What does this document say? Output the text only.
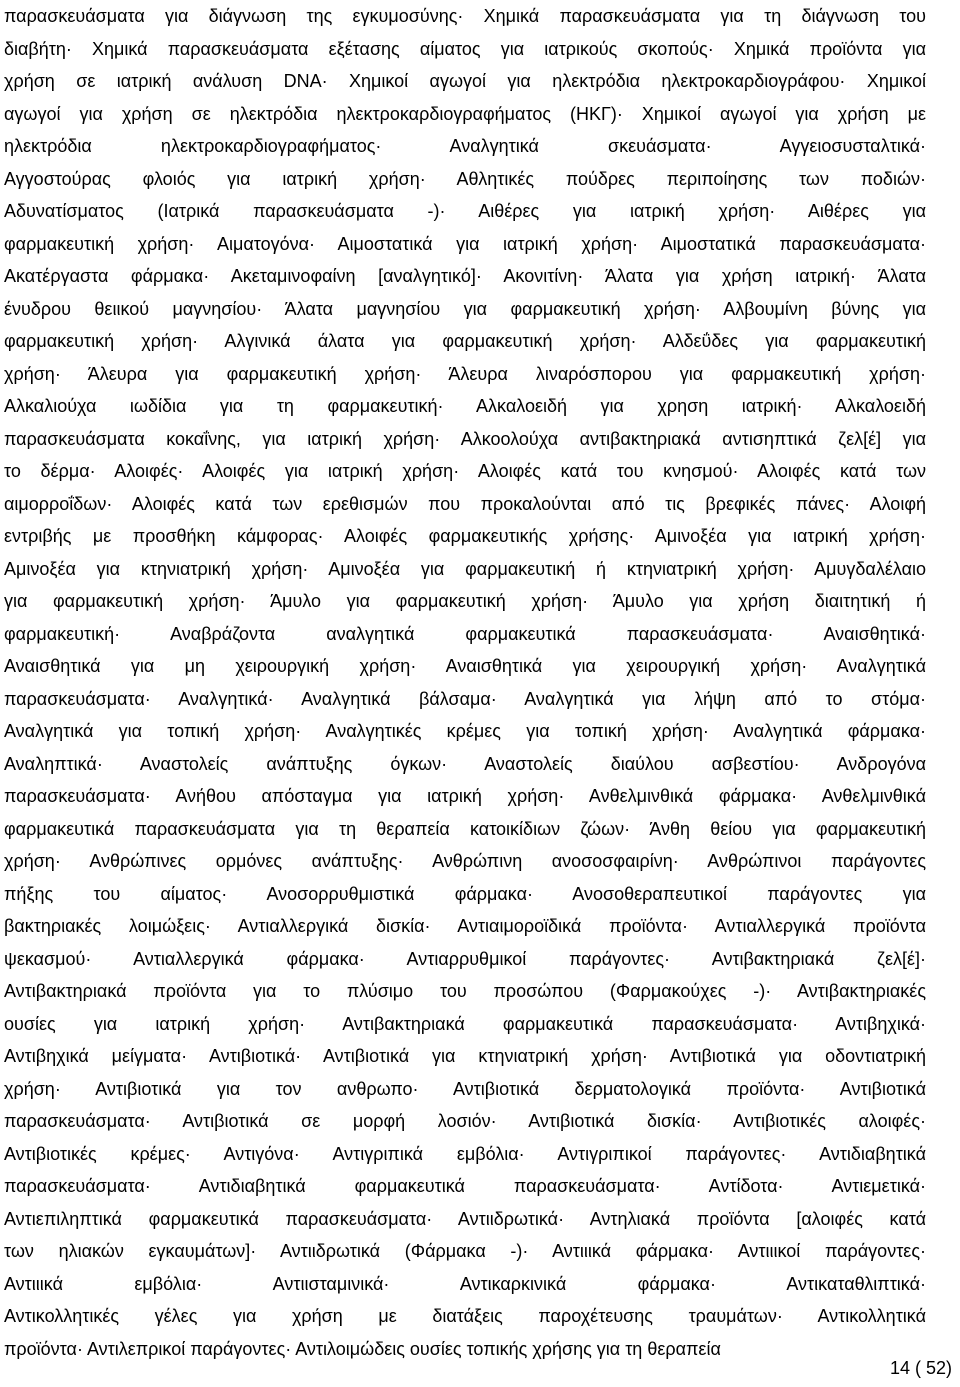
παρασκευάσματα για διάγνωση της εγκυμοσύνης· Χημικά παρασκευάσματα για τη διάγνωση του
διαβήτη· Χημικά παρασκευάσματα εξέτασης αίματος για ιατρικούς σκοπούς· Χημικά προϊόντα για
χρήση σε ιατρική ανάλυση DNA· Χημικοί αγωγοί για ηλεκτρόδια ηλεκτροκαρδιογράφου· Χημικοί
αγωγοί για χρήση σε ηλεκτρόδια ηλεκτροκαρδιογραφήματος (ΗΚΓ)· Χημικοί αγωγοί για χρήση με
ηλεκτρόδια ηλεκτροκαρδιογραφήματος· Αναλγητικά σκευάσματα· Αγγειοσυσταλτικά·
Αγγοστούρας φλοιός για ιατρική χρήση· Αθλητικές πούδρες περιποίησης των ποδιών·
Αδυνατίσματος (Ιατρικά παρασκευάσματα -)· Αιθέρες για ιατρική χρήση· Αιθέρες για
φαρμακευτική χρήση· Αιματογόνα· Αιμοστατικά για ιατρική χρήση· Αιμοστατικά παρασκευάσματα·
Ακατέργαστα φάρμακα· Ακεταμινοφαίνη [αναλγητικό]· Ακονιτίνη· Άλατα για χρήση ιατρική· Άλατα
ένυδρου θειικού μαγνησίου· Άλατα μαγνησίου για φαρμακευτική χρήση· Αλβουμίνη βύνης για
φαρμακευτική χρήση· Αλγινικά άλατα για φαρμακευτική χρήση· Αλδεΰδες για φαρμακευτική
χρήση· Άλευρα για φαρμακευτική χρήση· Άλευρα λιναρόσπορου για φαρμακευτική χρήση·
Αλκαλιούχα ιωδίδια για τη φαρμακευτική· Αλκαλοειδή για χρηση ιατρική· Αλκαλοειδή
παρασκευάσματα κοκαΐνης, για ιατρική χρήση· Αλκοολούχα αντιβακτηριακά αντισηπτικά ζελ[έ] για
το δέρμα· Αλοιφές· Αλοιφές για ιατρική χρήση· Αλοιφές κατά του κνησμού· Αλοιφές κατά των
αιμορροΐδων· Αλοιφές κατά των ερεθισμών που προκαλούνται από τις βρεφικές πάνες· Αλοιφή
εντριβής με προσθήκη κάμφορας· Αλοιφές φαρμακευτικής χρήσης· Αμινοξέα για ιατρική χρήση·
Αμινοξέα για κτηνιατρική χρήση· Αμινοξέα για φαρμακευτική ή κτηνιατρική χρήση· Αμυγδαλέλαιο
για φαρμακευτική χρήση· Άμυλο για φαρμακευτική χρήση· Άμυλο για χρήση διαιτητική ή
φαρμακευτική· Αναβράζοντα αναλγητικά φαρμακευτικά παρασκευάσματα· Αναισθητικά·
Αναισθητικά για μη χειρουργική χρήση· Αναισθητικά για χειρουργική χρήση· Αναλγητικά
παρασκευάσματα· Αναλγητικά· Αναλγητικά βάλσαμα· Αναλγητικά για λήψη από το στόμα·
Αναλγητικά για τοπική χρήση· Αναλγητικές κρέμες για τοπική χρήση· Αναλγητικά φάρμακα·
Αναληπτικά· Αναστολείς ανάπτυξης όγκων· Αναστολείς διαύλου ασβεστίου· Ανδρογόνα
παρασκευάσματα· Ανήθου απόσταγμα για ιατρική χρήση· Ανθελμινθικά φάρμακα· Ανθελμινθικά
φαρμακευτικά παρασκευάσματα για τη θεραπεία κατοικίδιων ζώων· Άνθη θείου για φαρμακευτική
χρήση· Ανθρώπινες ορμόνες ανάπτυξης· Ανθρώπινη ανοσοσφαιρίνη· Ανθρώπινοι παράγοντες
πήξης του αίματος· Ανοσορρυθμιστικά φάρμακα· Ανοσοθεραπευτικοί παράγοντες για
βακτηριακές λοιμώξεις· Αντιαλλεργικά δισκία· Αντιαιμοροϊδικά προϊόντα· Αντιαλλεργικά προϊόντα
ψεκασμού· Αντιαλλεργικά φάρμακα· Αντιαρρυθμικοί παράγοντες· Αντιβακτηριακά ζελ[έ]·
Αντιβακτηριακά προϊόντα για το πλύσιμο του προσώπου (Φαρμακούχες -)· Αντιβακτηριακές
ουσίες για ιατρική χρήση· Αντιβακτηριακά φαρμακευτικά παρασκευάσματα· Αντιβηχικά·
Αντιβηχικά μείγματα· Αντιβιοτικά· Αντιβιοτικά για κτηνιατρική χρήση· Αντιβιοτικά για οδοντιατρική
χρήση· Αντιβιοτικά για τον ανθρωπο· Αντιβιοτικά δερματολογικά προϊόντα· Αντιβιοτικά
παρασκευάσματα· Αντιβιοτικά σε μορφή λοσιόν· Αντιβιοτικά δισκία· Αντιβιοτικές αλοιφές·
Αντιβιοτικές κρέμες· Αντιγόνα· Αντιγριπικά εμβόλια· Αντιγριπικοί παράγοντες· Αντιδιαβητικά
παρασκευάσματα· Αντιδιαβητικά φαρμακευτικά παρασκευάσματα· Αντίδοτα· Αντιεμετικά·
Αντιεπιληπτικά φαρμακευτικά παρασκευάσματα· Αντιιδρωτικά· Αντηλιακά προϊόντα [αλοιφές κατά
των ηλιακών εγκαυμάτων]· Αντιιδρωτικά (Φάρμακα -)· Αντιιικά φάρμακα· Αντιιικοί παράγοντες·
Αντιιικά εμβόλια· Αντιισταμινικά· Αντικαρκινικά φάρμακα· Αντικαταθλιπτικά·
Αντικολλητικές γέλες για χρήση με διατάξεις παροχέτευσης τραυμάτων· Αντικολλητικά
προϊόντα· Αντιλεπρικοί παράγοντες· Αντιλοιμώδεις ουσίες τοπικής χρήσης για τη θεραπεία
14 ( 52)
